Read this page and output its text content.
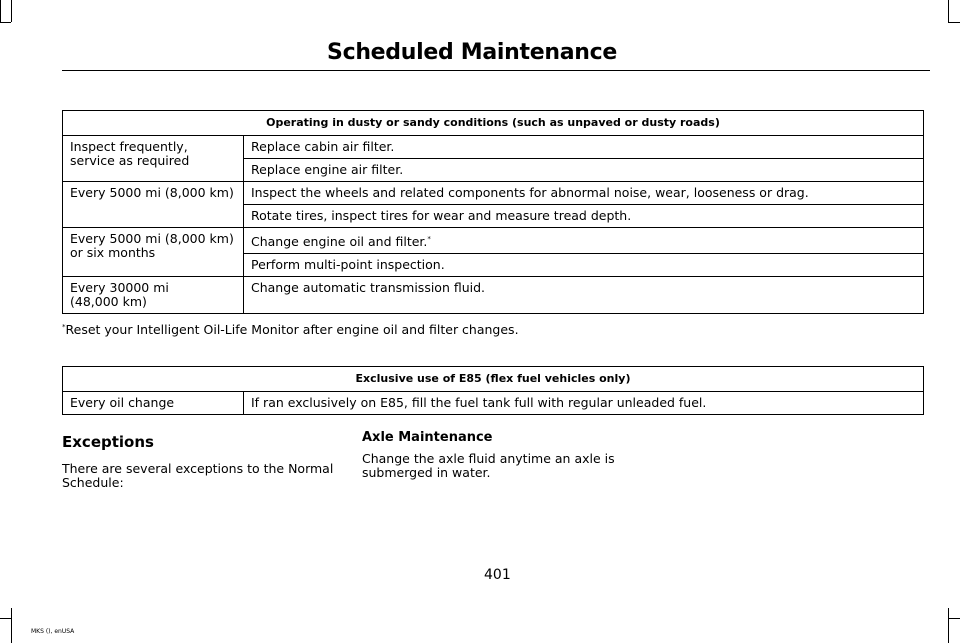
Scheduled Maintenance
Operating in dusty or sandy conditions (such as unpaved or dusty roads)	
Inspect frequently, service as required	Replace cabin air filter.
	Replace engine air filter.
Every 5000 mi (8,000 km)	Inspect the wheels and related components for abnormal noise, wear, looseness or drag.
	Rotate tires, inspect tires for wear and measure tread depth.
Every 5000 mi (8,000 km) or six months	Change engine oil and filter.*
	Perform multi-point inspection.
Every 30000 mi
(48,000 km)	Change automatic transmission fluid.
*Reset your Intelligent Oil-Life Monitor after engine oil and filter changes.
Exclusive use of E85 (flex fuel vehicles only)
Every oil change	If ran exclusively on E85, fill the fuel tank full with regular unleaded fuel.
Exceptions
There are several exceptions to the Normal Schedule:
Axle Maintenance
Change the axle fluid anytime an axle is submerged in water.
401
MKS (), enUSA
